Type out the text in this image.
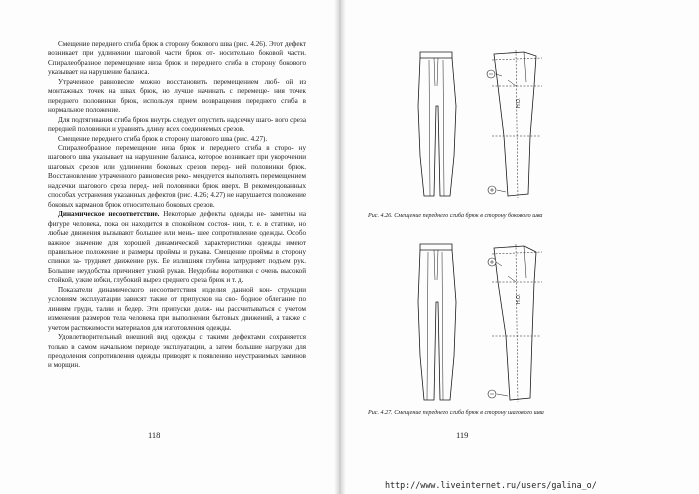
Смещение переднего сгиба брюк в сторону бокового шва (рис. 4.26). Этот дефект возникает при удлинении шаговой части брюк от- носительно боковой части. Спиралеобразное перемещение низа брюк и переднего сгиба в сторону бокового указывает на нарушение баланса.

Утраченное равновесие можно восстановить перемещением люб- ой из монтажных точек на швах брюк, но лучше начинать с перемеще- ния точек переднего половинки брюк, используя прием возвращения переднего сгиба в нормальное положение.

Для подтягивания сгиба брюк внутрь следует опустить надсечку шаго- вого среза передней половинки и уравнять длину всех соединяемых срезов.

Смещение переднего сгиба брюк в сторону шагового шва (рис. 4.27).

Спиралеобразное перемещение низа брюк и переднего сгиба в сторо- ну шагового шва указывает на нарушение баланса, которое возникает при укорочении шаговых срезов или удлинении боковых срезов перед- ней половинки брюк. Восстановление утраченного равновесия реко- мендуется выполнять перемещением надсечки шагового среза перед- ней половинки брюк вверх. В рекомендованных способах устранения указанных дефектов (рис. 4.26; 4.27) не нарушается положение боковых карманов брюк относительно боковых срезов.

Динамическое несоответствие. Некоторые дефекты одежды не- заметны на фигуре человека, пока он находится в спокойном состоя- нии, т. е. в статике, но любые движения вызывают большее или мень- шее сопротивление одежды. Особо важное значение для хорошей динамической характеристики одежды имеют правильное положение и размеры проймы и рукава. Смещение проймы в сторону спинки за- трудняет движение рук. Ее излишняя глубина затрудняет подъем рук. Большие неудобства причиняет узкий рукав. Неудобны воротники с очень высокой стойкой, узкие юбки, глубокий вырез среднего среза брюк и т. д.

Показатели динамического несоответствия изделия данной кон- струкции условиям эксплуатации зависят также от припусков на сво- бодное облегание по линиям груди, талии и бедер. Эти припуски долж- ны рассчитываться с учетом изменения размеров тела человека при выполнении бытовых движений, а также с учетом растяжимости материалов для изготовления одежды.

Удовлетворительный внешний вид одежды с такими дефектами сохраняется только в самом начальном периоде эксплуатации, а затем большие нагрузки для преодоления сопротивления одежды приводят к появлению неустранимых заминов и морщин.

118
Н.О.
Рис. 4.26. Смещение переднего сгиба брюк в сторону бокового шва
Н.О.
Рис. 4.27. Смещение переднего сгиба брюк в сторону шагового шва
119
http://www.liveinternet.ru/users/galina_o/
